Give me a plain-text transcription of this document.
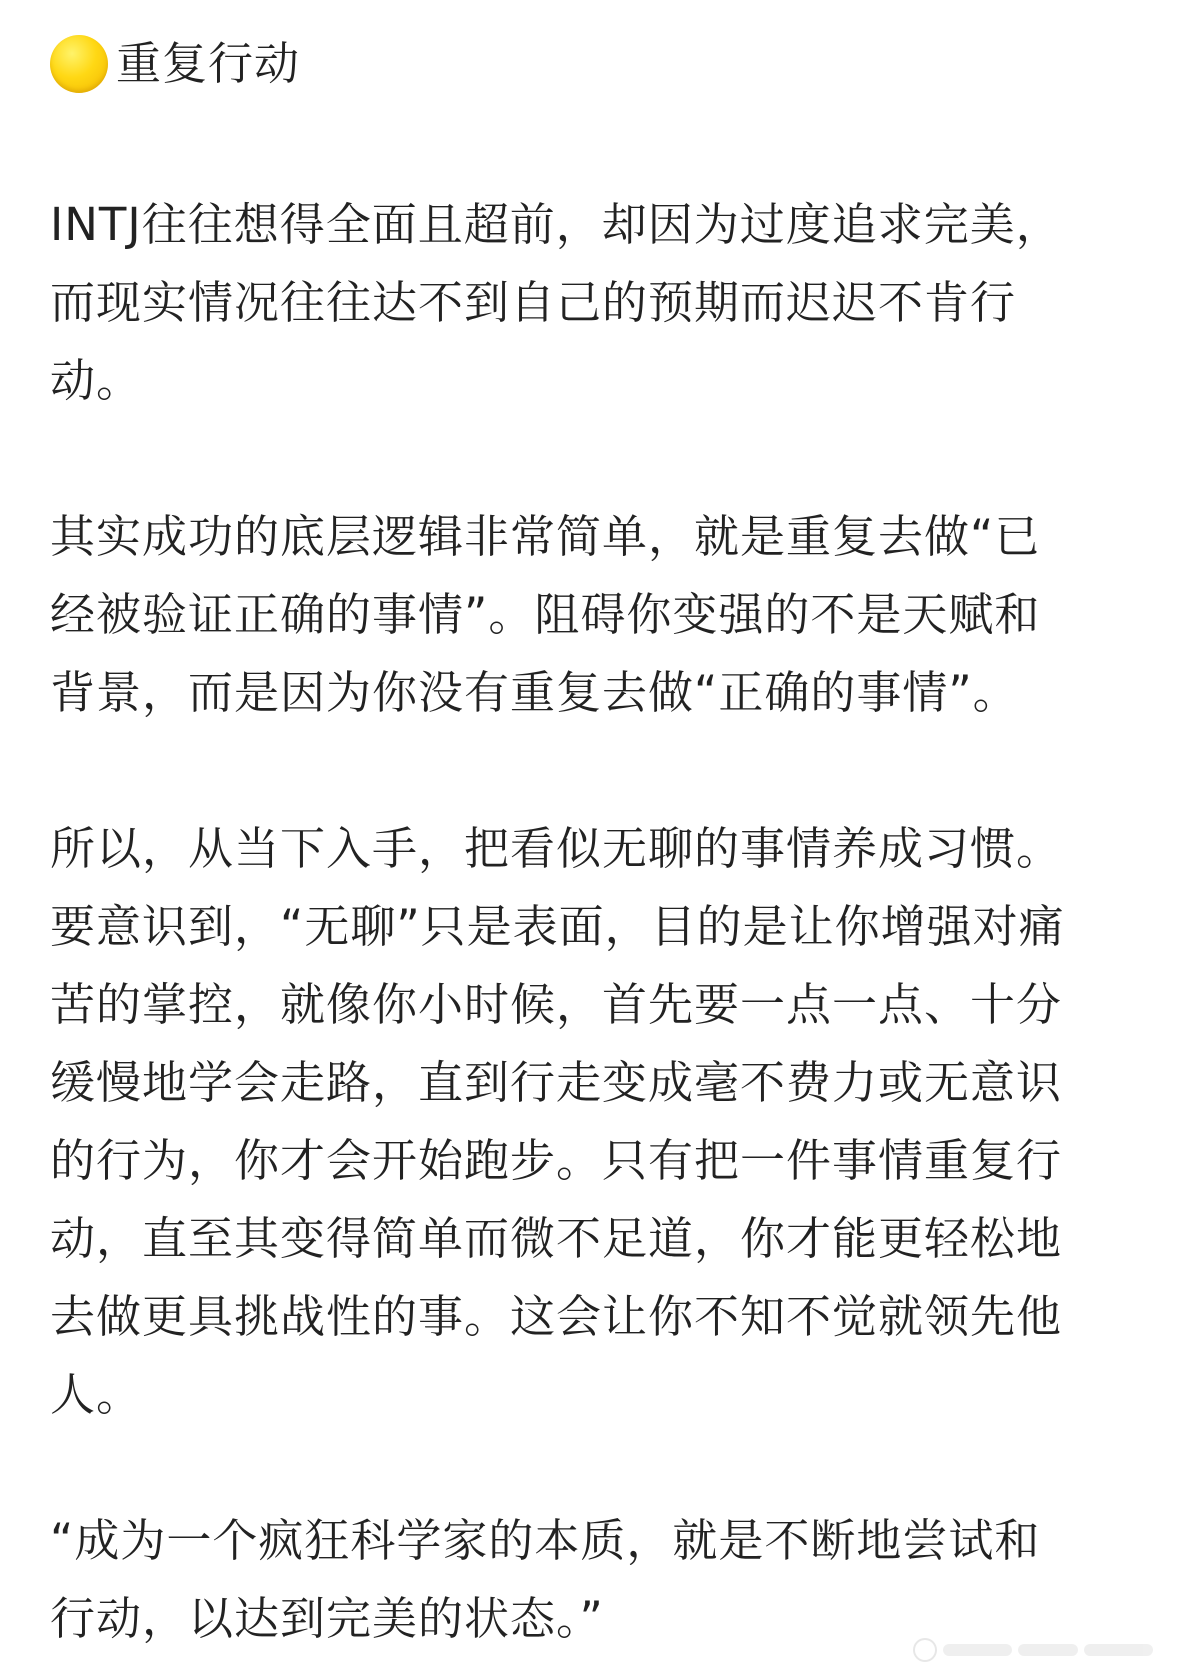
重复行动

INTJ往往想得全面且超前，却因为过度追求完美，
而现实情况往往达不到自己的预期而迟迟不肯行
动。

其实成功的底层逻辑非常简单，就是重复去做“已
经被验证正确的事情”。阻碍你变强的不是天赋和
背景，而是因为你没有重复去做“正确的事情”。

所以，从当下入手，把看似无聊的事情养成习惯。
要意识到，“无聊”只是表面，目的是让你增强对痛
苦的掌控，就像你小时候，首先要一点一点、十分
缓慢地学会走路，直到行走变成毫不费力或无意识
的行为，你才会开始跑步。只有把一件事情重复行
动，直至其变得简单而微不足道，你才能更轻松地
去做更具挑战性的事。这会让你不知不觉就领先他
人。

“成为一个疯狂科学家的本质，就是不断地尝试和
行动，以达到完美的状态。”
